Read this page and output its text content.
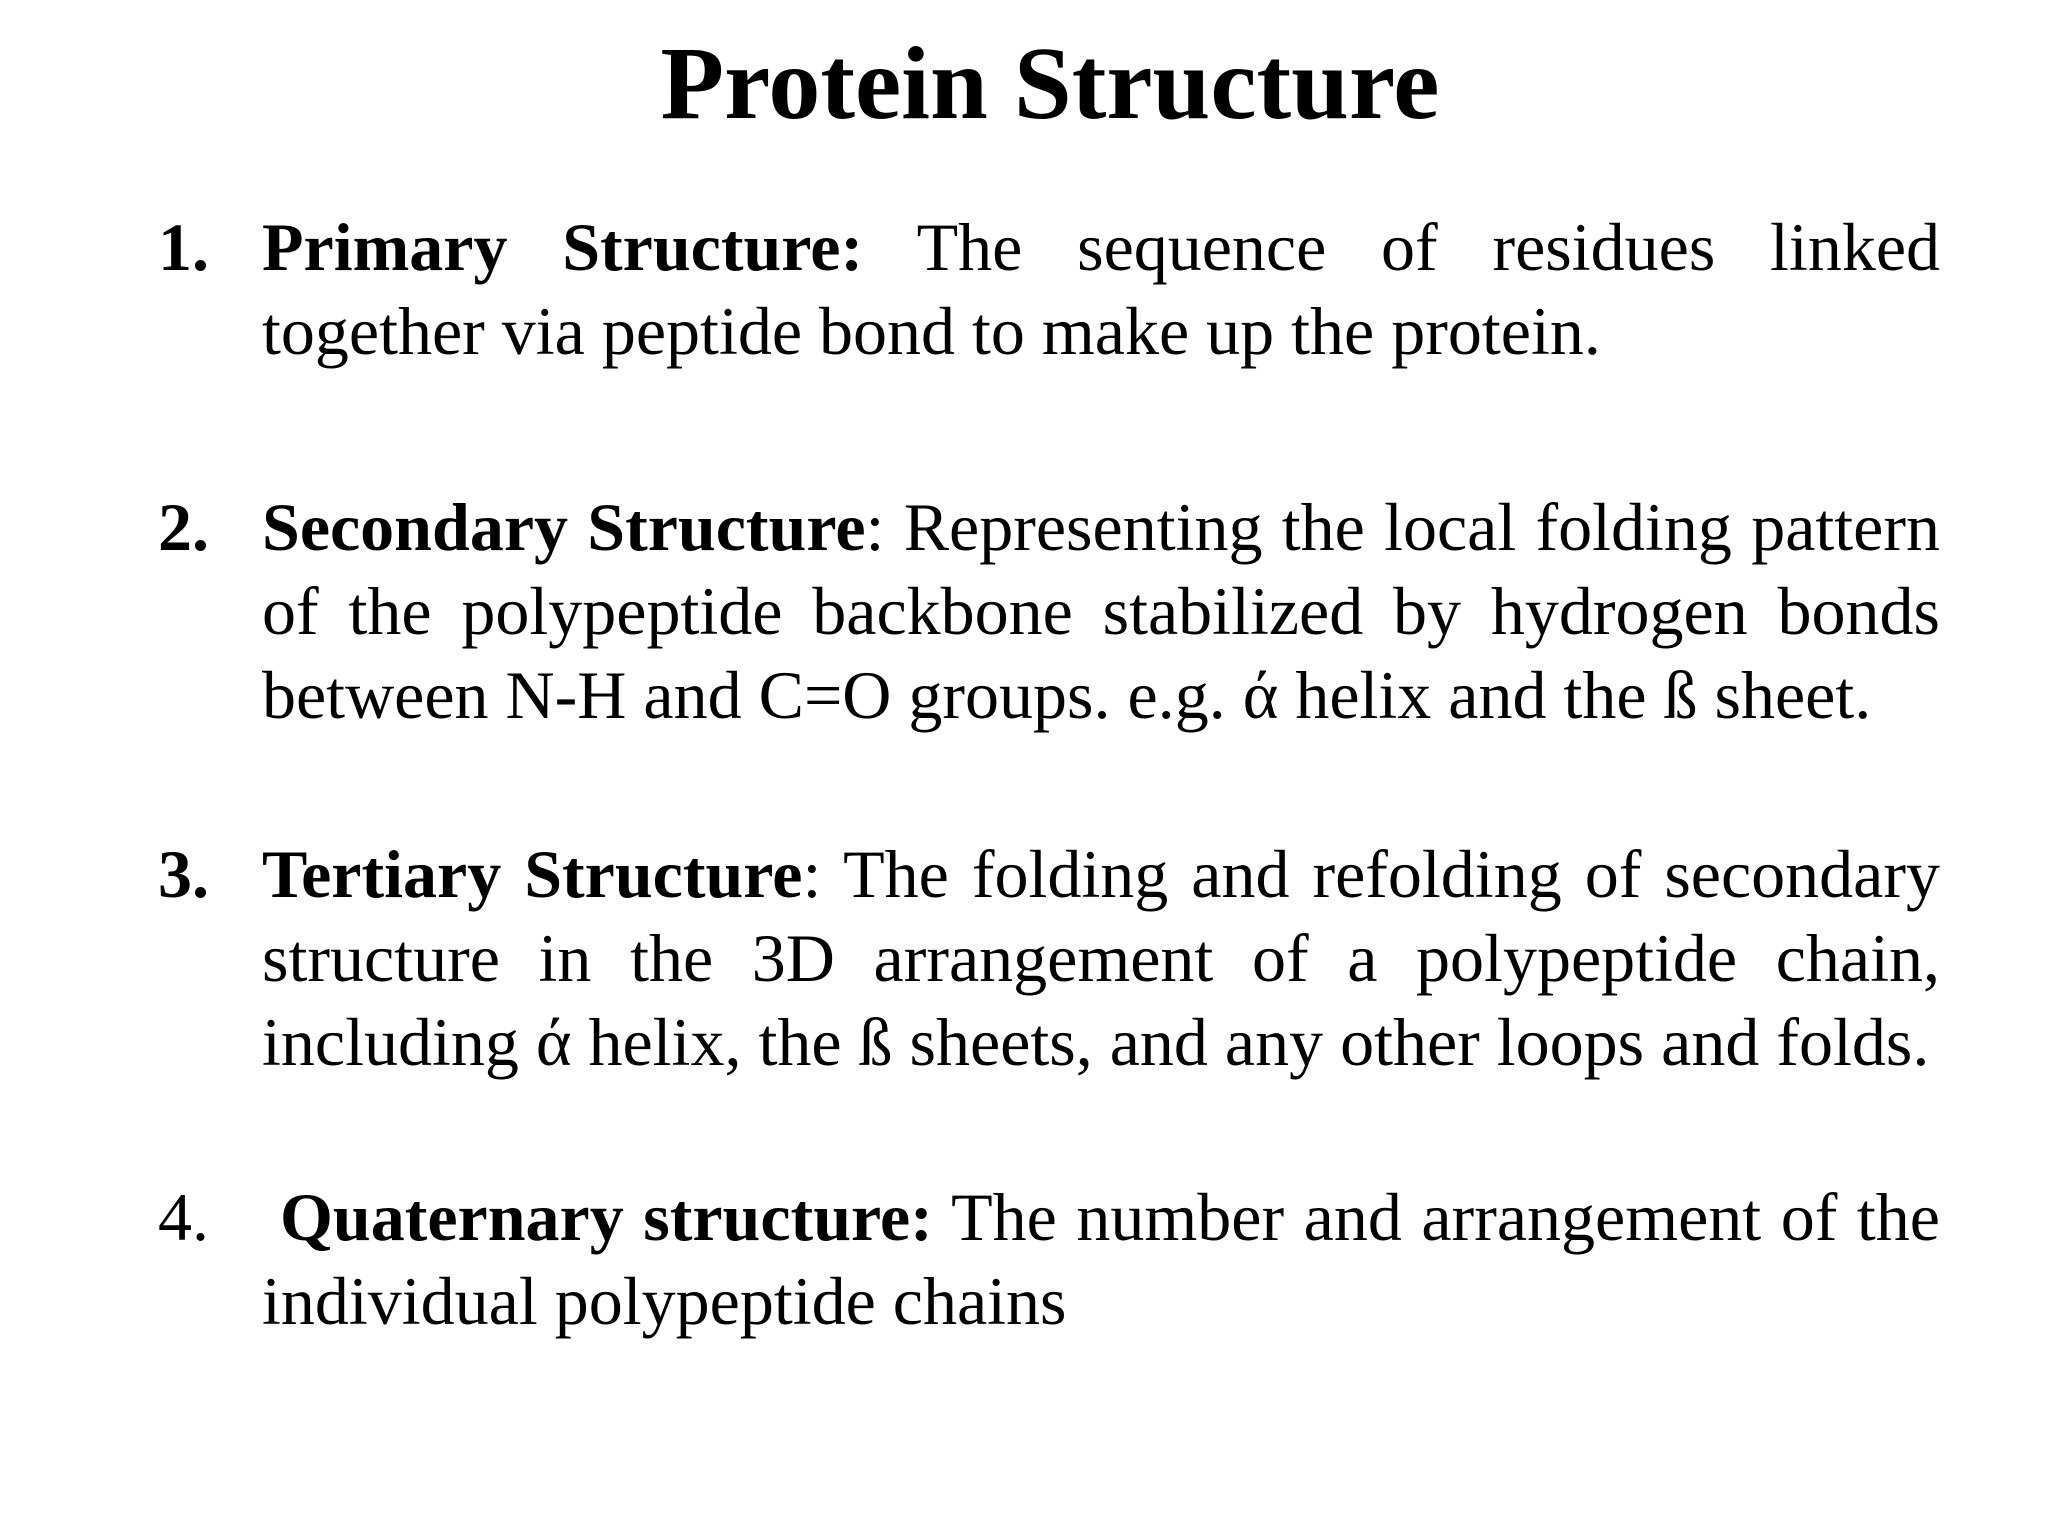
Protein Structure
1. Primary Structure: The sequence of residues linked together via peptide bond to make up the protein.
2. Secondary Structure: Representing the local folding pattern of the polypeptide backbone stabilized by hydrogen bonds between N-H and C=O groups. e.g. ά helix and the ß sheet.
3. Tertiary Structure: The folding and refolding of secondary structure in the 3D arrangement of a polypeptide chain, including ά helix, the ß sheets, and any other loops and folds.
4.	Quaternary structure: The number and arrangement of the individual polypeptide chains
